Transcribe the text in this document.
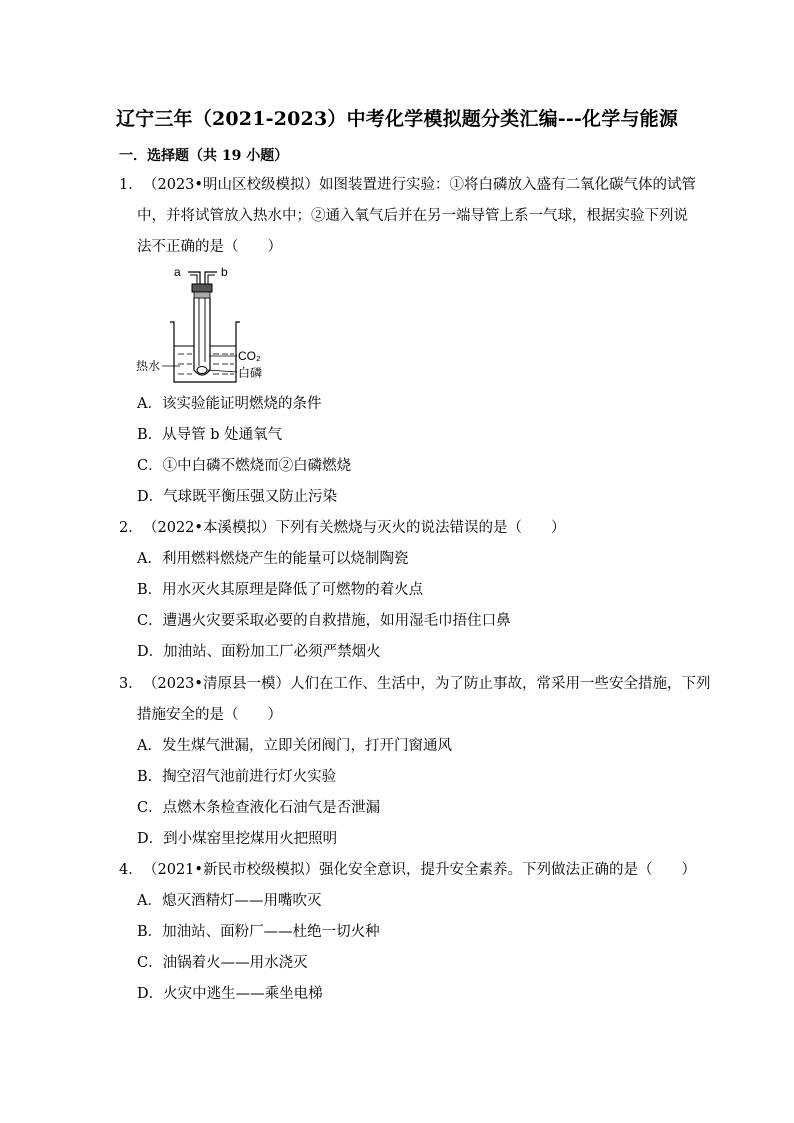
辽宁三年（2021-2023）中考化学模拟题分类汇编---化学与能源
一．选择题（共 19 小题）
1． （2023•明山区校级模拟）如图装置进行实验：①将白磷放入盛有二氧化碳气体的试管
中，并将试管放入热水中；②通入氧气后并在另一端导管上系一气球，根据实验下列说
法不正确的是（　　）
a	b
CO₂
白磷
热水
A．该实验能证明燃烧的条件
B．从导管 b 处通氧气
C．①中白磷不燃烧而②白磷燃烧
D．气球既平衡压强又防止污染
2． （2022•本溪模拟）下列有关燃烧与灭火的说法错误的是（　　）
A．利用燃料燃烧产生的能量可以烧制陶瓷
B．用水灭火其原理是降低了可燃物的着火点
C．遭遇火灾要采取必要的自救措施，如用湿毛巾捂住口鼻
D．加油站、面粉加工厂必须严禁烟火
3． （2023•清原县一模）人们在工作、生活中，为了防止事故，常采用一些安全措施，下列
措施安全的是（　　）
A．发生煤气泄漏，立即关闭阀门，打开门窗通风
B．掏空沼气池前进行灯火实验
C．点燃木条检查液化石油气是否泄漏
D．到小煤窑里挖煤用火把照明
4． （2021•新民市校级模拟）强化安全意识，提升安全素养。下列做法正确的是（　　）
A．熄灭酒精灯——用嘴吹灭
B．加油站、面粉厂——杜绝一切火种
C．油锅着火——用水浇灭
D．火灾中逃生——乘坐电梯
